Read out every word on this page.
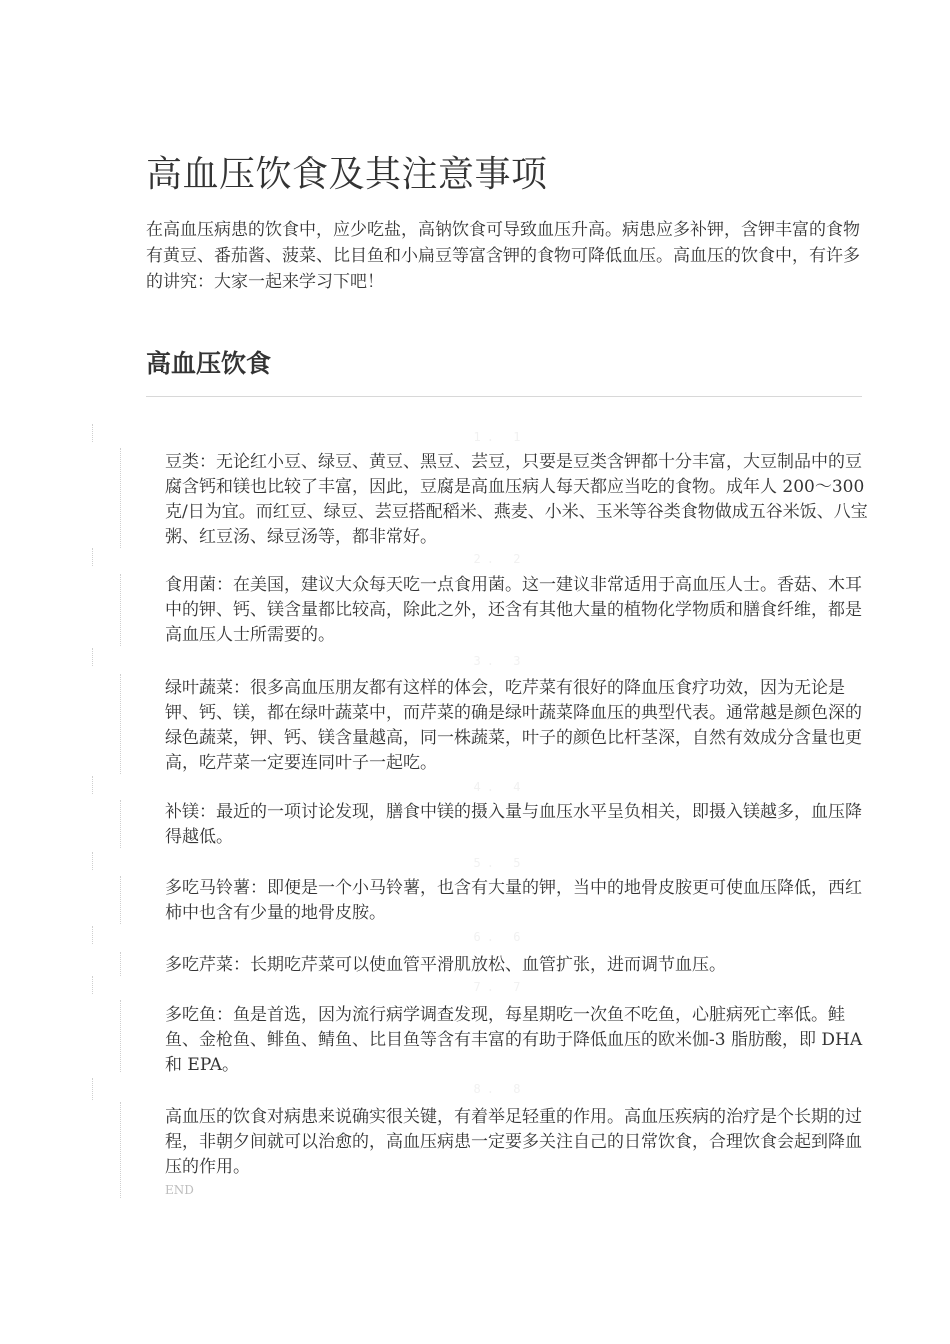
高血压饮食及其注意事项

在高血压病患的饮食中，应少吃盐，高钠饮食可导致血压升高。病患应多补钾，含钾丰富的食物有黄豆、番茄酱、菠菜、比目鱼和小扁豆等富含钾的食物可降低血压。高血压的饮食中，有许多的讲究：大家一起来学习下吧！

高血压饮食
1. 1
2. 2
3. 3
4. 4
5. 5
6. 6
7. 7
8. 8

豆类：无论红小豆、绿豆、黄豆、黑豆、芸豆，只要是豆类含钾都十分丰富，大豆制品中的豆腐含钙和镁也比较了丰富，因此，豆腐是高血压病人每天都应当吃的食物。成年人 200～300 克/日为宜。而红豆、绿豆、芸豆搭配稻米、燕麦、小米、玉米等谷类食物做成五谷米饭、八宝粥、红豆汤、绿豆汤等，都非常好。

食用菌：在美国，建议大众每天吃一点食用菌。这一建议非常适用于高血压人士。香菇、木耳中的钾、钙、镁含量都比较高，除此之外，还含有其他大量的植物化学物质和膳食纤维，都是高血压人士所需要的。

绿叶蔬菜：很多高血压朋友都有这样的体会，吃芹菜有很好的降血压食疗功效，因为无论是钾、钙、镁，都在绿叶蔬菜中，而芹菜的确是绿叶蔬菜降血压的典型代表。通常越是颜色深的绿色蔬菜，钾、钙、镁含量越高，同一株蔬菜，叶子的颜色比杆茎深，自然有效成分含量也更高，吃芹菜一定要连同叶子一起吃。

补镁：最近的一项讨论发现，膳食中镁的摄入量与血压水平呈负相关，即摄入镁越多，血压降得越低。

多吃马铃薯：即便是一个小马铃薯，也含有大量的钾，当中的地骨皮胺更可使血压降低，西红柿中也含有少量的地骨皮胺。

多吃芹菜：长期吃芹菜可以使血管平滑肌放松、血管扩张，进而调节血压。

多吃鱼：鱼是首选，因为流行病学调查发现，每星期吃一次鱼不吃鱼，心脏病死亡率低。鲑鱼、金枪鱼、鲱鱼、鲭鱼、比目鱼等含有丰富的有助于降低血压的欧米伽-3 脂肪酸，即 DHA 和 EPA。

高血压的饮食对病患来说确实很关键，有着举足轻重的作用。高血压疾病的治疗是个长期的过程，非朝夕间就可以治愈的，高血压病患一定要多关注自己的日常饮食，合理饮食会起到降血压的作用。

END
